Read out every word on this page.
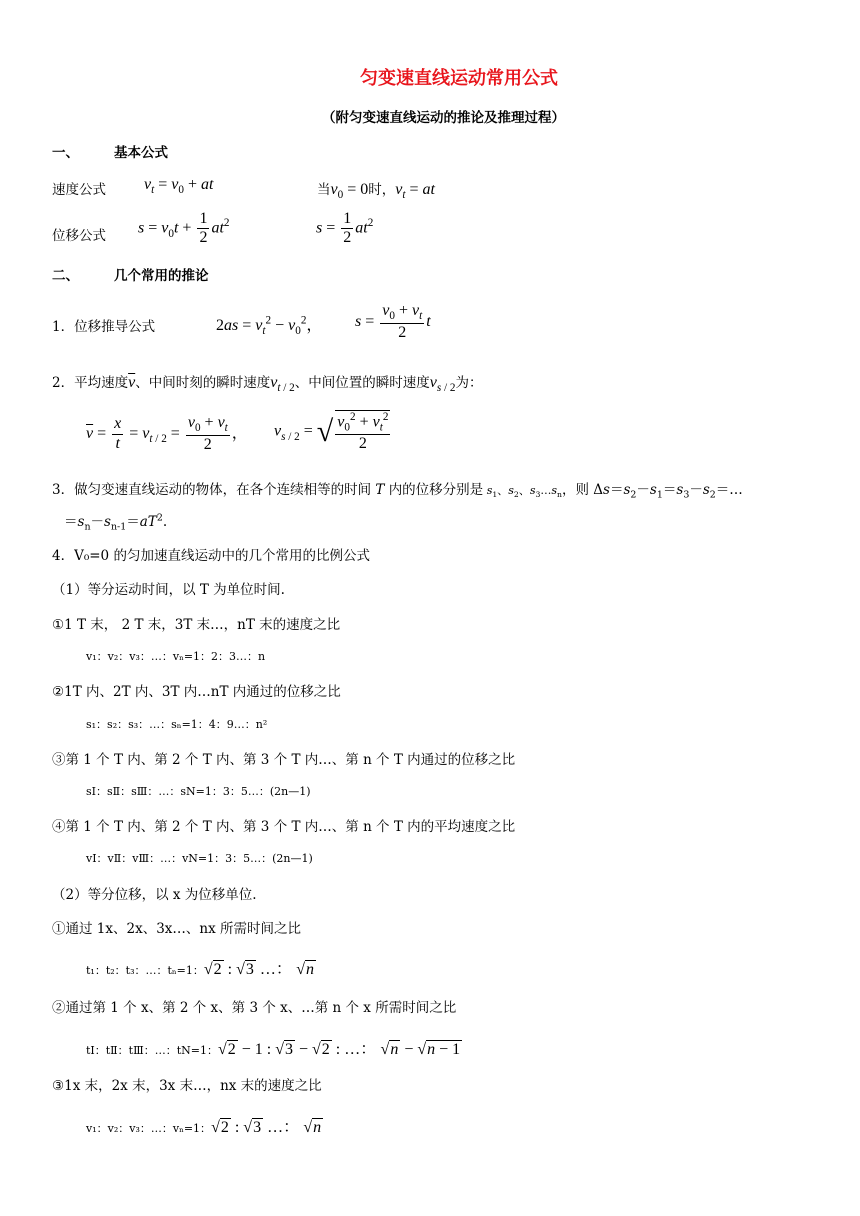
匀变速直线运动常用公式
（附匀变速直线运动的推论及推理过程）
一、	基本公式
速度公式 $v_t = v_0$ + at	当$v_0 = 0$时，$v_t$ = at
位移公式 $s = v_0t + \frac{1}{2} at^2$	$s = \frac{1}{2} at^2$
二、	几个常用的推论
1．位移推导公式	$2as = v_t^2 - v_0^2$， $s = \frac{v_0 + v_t}{2}$ t
2．平均速度$\overline{v}$、中间时刻的瞬时速度$v_{t / 2}$、中间位置的瞬时速度$v_{s / 2}$为：
$\overline{v} = \frac{x}{t} = v_{t / 2} = \frac{v_0 + v_t}{2}$ ， $v_{s / 2}$ = √ $\frac{v_0^2 + v_t^2}{2}$
3．做匀变速直线运动的物体，在各个连续相等的时间 T 内的位移分别是 $s_1$、$s_2$、$s_3\dots s_n$，则 $\Delta s=s_2-s_1=s_3-s_2=\dots$
$=s_n-s_{n-1}=aT^2$.
4．V₀=0 的匀加速直线运动中的几个常用的比例公式
（1）等分运动时间，以 T 为单位时间.
①1 T 末， 2 T 末，3T 末…，nT 末的速度之比
v₁：v₂：v₃：…：vₙ=1：2：3…：n
②1T 内、2T 内、3T 内…nT 内通过的位移之比
s₁：s₂：s₃：…：sₙ=1：4：9…：n²
③第 1 个 T 内、第 2 个 T 内、第 3 个 T 内…、第 n 个 T 内通过的位移之比
sⅠ：sⅡ：sⅢ：…：sN=1：3：5…：(2n—1)
④第 1 个 T 内、第 2 个 T 内、第 3 个 T 内…、第 n 个 T 内的平均速度之比
vⅠ：vⅡ：vⅢ：…：vN=1：3：5…：(2n—1)
（2）等分位移，以 x 为位移单位.
①通过 1x、2x、3x…、nx 所需时间之比
t₁：t₂：t₃：…：tₙ=1：√2 : √3 …： √n
②通过第 1 个 x、第 2 个 x、第 3 个 x、…第 n 个 x 所需时间之比
tⅠ：tⅡ：tⅢ：…：tN=1：√2 − 1 : √3 − √2 : …： √n − √n − 1
③1x 末，2x 末，3x 末…，nx 末的速度之比
v₁：v₂：v₃：…：vₙ=1：√2 : √3 …： √n
